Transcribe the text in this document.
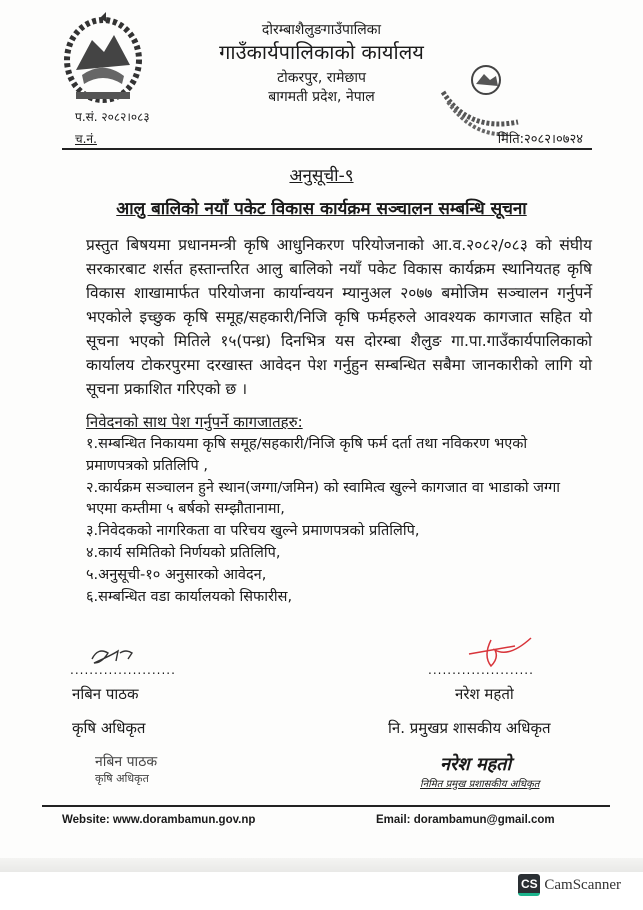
दोरम्बाशैलुङगाउँपालिका
गाउँकार्यपालिकाको कार्यालय
टोकरपुर, रामेछाप
बागमती प्रदेश, नेपाल
प.सं. २०८२।०८३
च.नं.	मिति:२०८२।०७२४
अनुसूची-९
आलु बालिको नयाँ पकेट विकास कार्यक्रम सञ्चालन सम्बन्धि सूचना
प्रस्तुत बिषयमा प्रधानमन्त्री कृषि आधुनिकरण परियोजनाको आ.व.२०८२/०८३ को संघीय सरकारबाट शर्सत हस्तान्तरित आलु बालिको नयाँ पकेट विकास कार्यक्रम स्थानियतह कृषि विकास शाखामार्फत परियोजना कार्यान्वयन म्यानुअल २०७७ बमोजिम सञ्चालन गर्नुपर्ने भएकोले इच्छुक कृषि समूह/सहकारी/निजि कृषि फर्महरुले आवश्यक कागजात सहित यो सूचना भएको मितिले १५(पन्ध्र) दिनभित्र यस दोरम्बा शैलुङ गा.पा.गाउँकार्यपालिकाको कार्यालय टोकरपुरमा दरखास्त आवेदन पेश गर्नुहुन सम्बन्धित सबैमा जानकारीको लागि यो सूचना प्रकाशित गरिएको छ ।
निवेदनको साथ पेश गर्नुपर्ने कागजातहरु:
१.सम्बन्धित निकायमा कृषि समूह/सहकारी/निजि कृषि फर्म दर्ता तथा नविकरण भएको प्रमाणपत्रको प्रतिलिपि ,
२.कार्यक्रम सञ्चालन हुने स्थान(जग्गा/जमिन) को स्वामित्व खुल्ने कागजात वा भाडाको जग्गा भएमा कम्तीमा ५ बर्षको सम्झौतानामा,
३.निवेदकको नागरिकता वा परिचय खुल्ने प्रमाणपत्रको प्रतिलिपि,
४.कार्य समितिको निर्णयको प्रतिलिपि,
५.अनुसूची-१० अनुसारको आवेदन,
६.सम्बन्धित वडा कार्यालयको सिफारीस,
......................
नबिन पाठक
कृषि अधिकृत
नबिन पाठक
कृषि अधिकृत
......................
नरेश महतो
नि. प्रमुखप्र शासकीय अधिकृत
नरेश महतो
निमित प्रमुख प्रशासकीय अधिकृत
Website: www.dorambamun.gov.np	Email: dorambamun@gmail.com
CS CamScanner
